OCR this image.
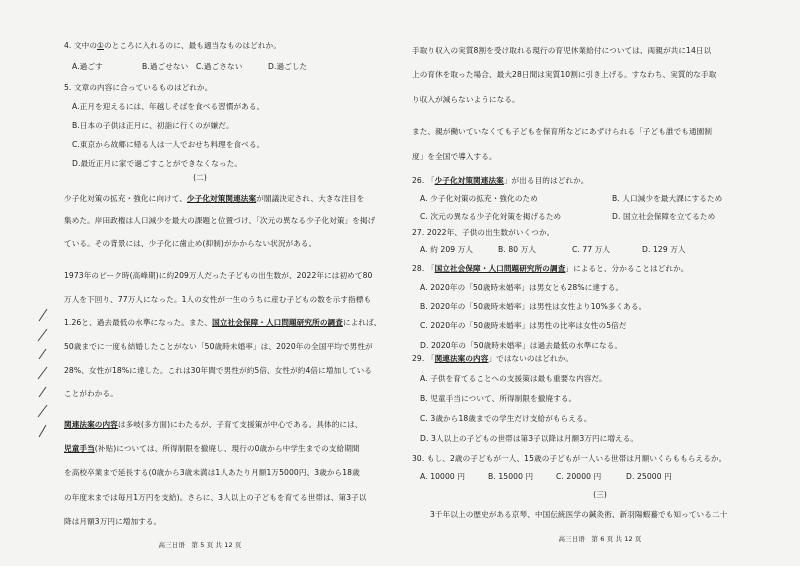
4. 文中の①のところに入れるのに、最も適当なものはどれか。
A.過ごす	B.過ごせない C.過ごさない	D.過ごした
5. 文章の内容に合っているものはどれか。
A.正月を迎えるには、年越しそばを食べる習慣がある。
B.日本の子供は正月に、初詣に行くのが嫌だ。
C.東京から故郷に帰る人は一人でおせち料理を食べる。
D.最近正月に家で過ごすことができなくなった。
(二)
少子化対策の拡充・強化に向けて、少子化対策関連法案が閣議決定され、大きな注目を
集めた。岸田政権は人口減少を最大の課題と位置づけ、「次元の異なる少子化対策」を掲げ
ている。その背景には、少子化に歯止め(抑制)がかからない状況がある。
1973年のピーク時(高峰期)に約209万人だった子どもの出生数が、2022年には初めて80
万人を下回り、77万人になった。1人の女性が一生のうちに産む子どもの数を示す指標も
1.26と、過去最低の水準になった。また、国立社会保障・人口問題研究所の調査によれば、
50歳までに一度も結婚したことがない「50歳時未婚率」は、2020年の全国平均で男性が
28%、女性が18%に達した。これは30年間で男性が約5倍、女性が約4倍に増加している
ことがわかる。
関連法案の内容は多岐(多方面)にわたるが、子育て支援策が中心である。具体的には、
児童手当(补贴)については、所得制限を撤廃し、現行の0歳から中学生までの支給期間
を高校卒業まで延長する(0歳から3歳未満は1人あたり月額1万5000円、3歳から18歳
の年度末までは毎月1万円を支給)。さらに、3人以上の子どもを育てる世帯は、第3子以
降は月額3万円に増加する。
高三日语　第 5 页 共 12 页
手取り収入の実質8割を受け取れる現行の育児休業給付については、両親が共に14日以
上の育休を取った場合、最大28日間は実質10割に引き上げる。すなわち、実質的な手取
り収入が減らないようになる。
また、親が働いていなくても子どもを保育所などにあずけられる「子ども誰でも通園制
度」を全国で導入する。
26. 「少子化対策関連法案」が出る目的はどれか。
A. 少子化対策の拡充・強化のため	B. 人口減少を最大課にするため
C. 次元の異なる少子化対策を掲げるため	D. 国立社会保障を立てるため
27. 2022年、子供の出生数がいくつか。
A. 約 209 万人	B. 80 万人	C. 77 万人	D. 129 万人
28. 「国立社会保障・人口問題研究所の調査」によると、分かることはどれか。
A. 2020年の「50歳時未婚率」は男女とも28%に達する。
B. 2020年の「50歳時未婚率」は男性は女性より10%多くある。
C. 2020年の「50歳時未婚率」は男性の比率は女性の5倍だ
D. 2020年の「50歳時未婚率」は過去最低の水準になる。
29. 「関連法案の内容」ではないのはどれか。
A. 子供を育てることへの支援策は最も重要な内容だ。
B. 児童手当について、所得制限を撤廃する。
C. 3歳から18歳までの学生だけ支給がもらえる。
D. 3人以上の子どもの世帯は第3子以降は月額3万円に増える。
30. もし、2歳の子どもが一人、15歳の子どもが一人いる世帯は月額いくらももらえるか。
A. 10000 円	B. 15000 円	C. 20000 円	D. 25000 円
(三)
3千年以上の歴史がある京琴、中国伝統医学の鍼灸術、新羽陽蝦蟇でも知っている二十
高三日语　第 6 页 共 12 页
